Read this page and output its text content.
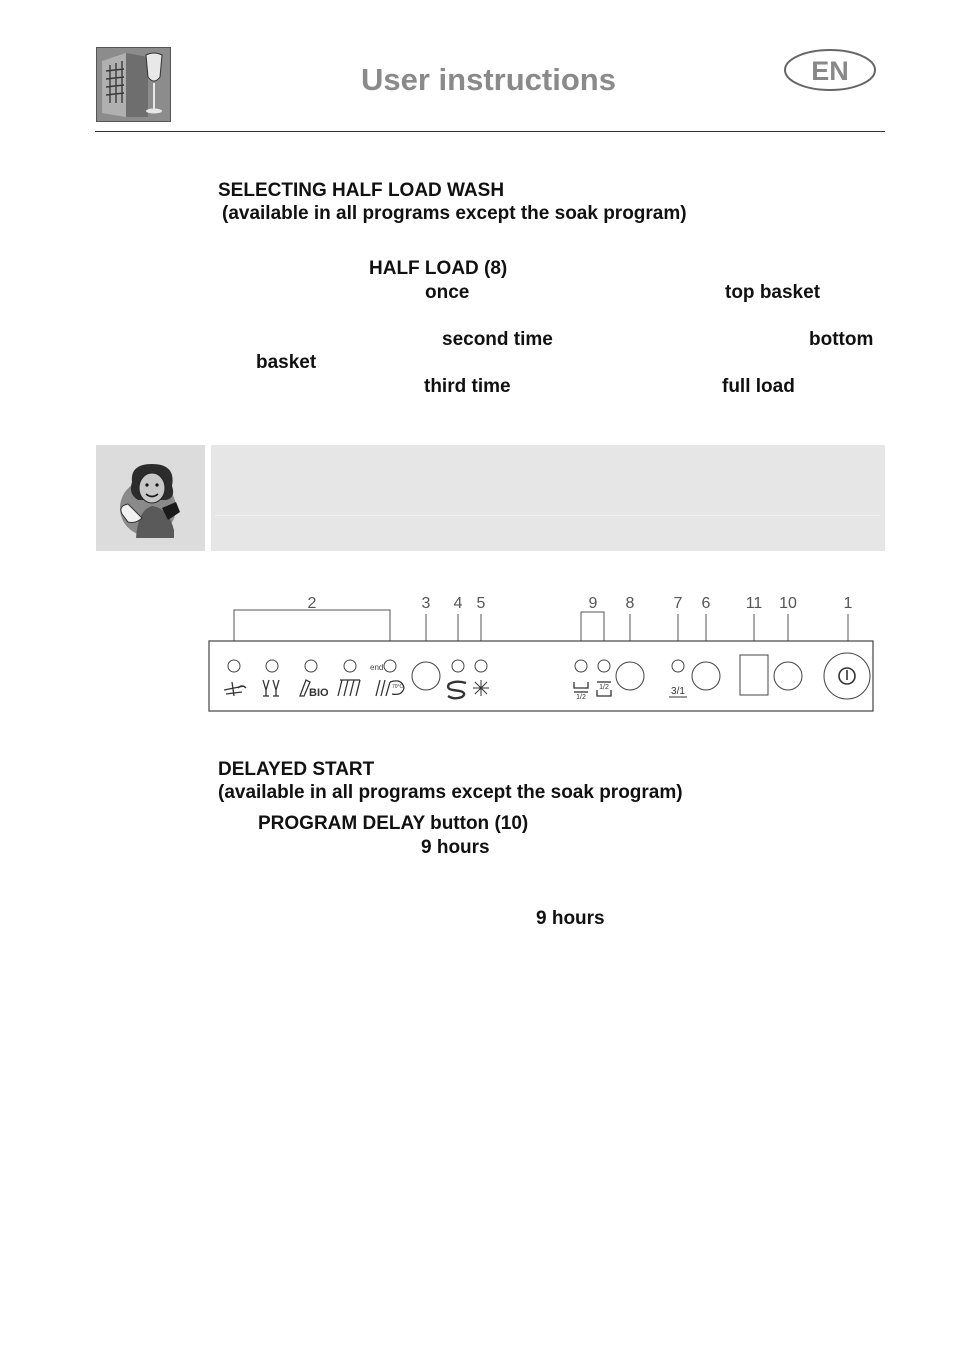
User instructions	EN
SELECTING HALF LOAD WASH
(available in all programs except the soak program)
HALF LOAD (8)
once	top basket
second time	bottom
basket
third time	full load
2	3 4 5	9 8 7 6 11 10	1
end
BIO	70°C
1/2
1/2	3/1
DELAYED START
(available in all programs except the soak program)
PROGRAM DELAY button (10)
9 hours
9 hours
